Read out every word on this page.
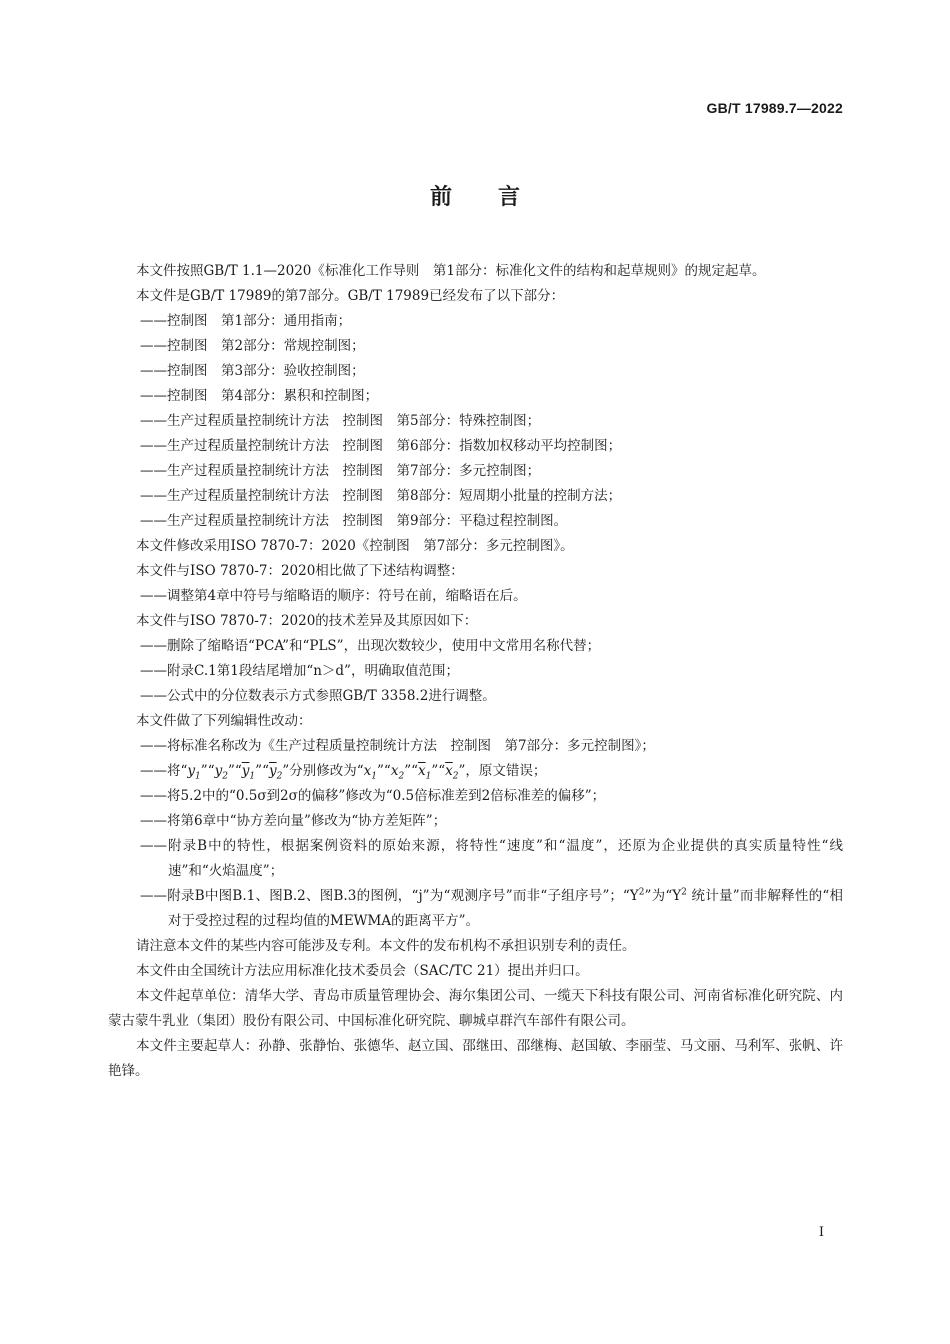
GB/T 17989.7—2022
前言

本文件按照GB/T 1.1—2020《标准化工作导则　第1部分：标准化文件的结构和起草规则》的规定起草。

本文件是GB/T 17989的第7部分。GB/T 17989已经发布了以下部分：

——控制图　第1部分：通用指南；

——控制图　第2部分：常规控制图；

——控制图　第3部分：验收控制图；

——控制图　第4部分：累积和控制图；

——生产过程质量控制统计方法　控制图　第5部分：特殊控制图；

——生产过程质量控制统计方法　控制图　第6部分：指数加权移动平均控制图；

——生产过程质量控制统计方法　控制图　第7部分：多元控制图；

——生产过程质量控制统计方法　控制图　第8部分：短周期小批量的控制方法；

——生产过程质量控制统计方法　控制图　第9部分：平稳过程控制图。

本文件修改采用ISO 7870-7：2020《控制图　第7部分：多元控制图》。

本文件与ISO 7870-7：2020相比做了下述结构调整：

——调整第4章中符号与缩略语的顺序：符号在前，缩略语在后。

本文件与ISO 7870-7：2020的技术差异及其原因如下：

——删除了缩略语“PCA”和“PLS”，出现次数较少，使用中文常用名称代替；

——附录C.1第1段结尾增加“n＞d”，明确取值范围；

——公式中的分位数表示方式参照GB/T 3358.2进行调整。

本文件做了下列编辑性改动：

——将标准名称改为《生产过程质量控制统计方法　控制图　第7部分：多元控制图》；

——将“$y_1”“y_2”“\overline{y}_1”“\overline{y}_2$”分别修改为“$x_1”“x_2”“\overline{x}_1”“\overline{x}_2$”，原文错误；

——将5.2中的“0.5σ到2σ的偏移”修改为“0.5倍标准差到2倍标准差的偏移”；

——将第6章中“协方差向量”修改为“协方差矩阵”；

——附录B中的特性，根据案例资料的原始来源，将特性“速度”和“温度”，还原为企业提供的真实质量特性“线速”和“火焰温度”；

——附录B中图B.1、图B.2、图B.3的图例，“j”为“观测序号”而非“子组序号”；“$Y^2$”为“$Y^2$ 统计量”而非解释性的“相对于受控过程的过程均值的MEWMA的距离平方”。

请注意本文件的某些内容可能涉及专利。本文件的发布机构不承担识别专利的责任。

本文件由全国统计方法应用标准化技术委员会（SAC/TC 21）提出并归口。

本文件起草单位：清华大学、青岛市质量管理协会、海尔集团公司、一缆天下科技有限公司、河南省标准化研究院、内蒙古蒙牛乳业（集团）股份有限公司、中国标准化研究院、聊城卓群汽车部件有限公司。

本文件主要起草人：孙静、张静怡、张德华、赵立国、邵继田、邵继梅、赵国敏、李丽莹、马文丽、马利军、张帆、许艳锋。

I
